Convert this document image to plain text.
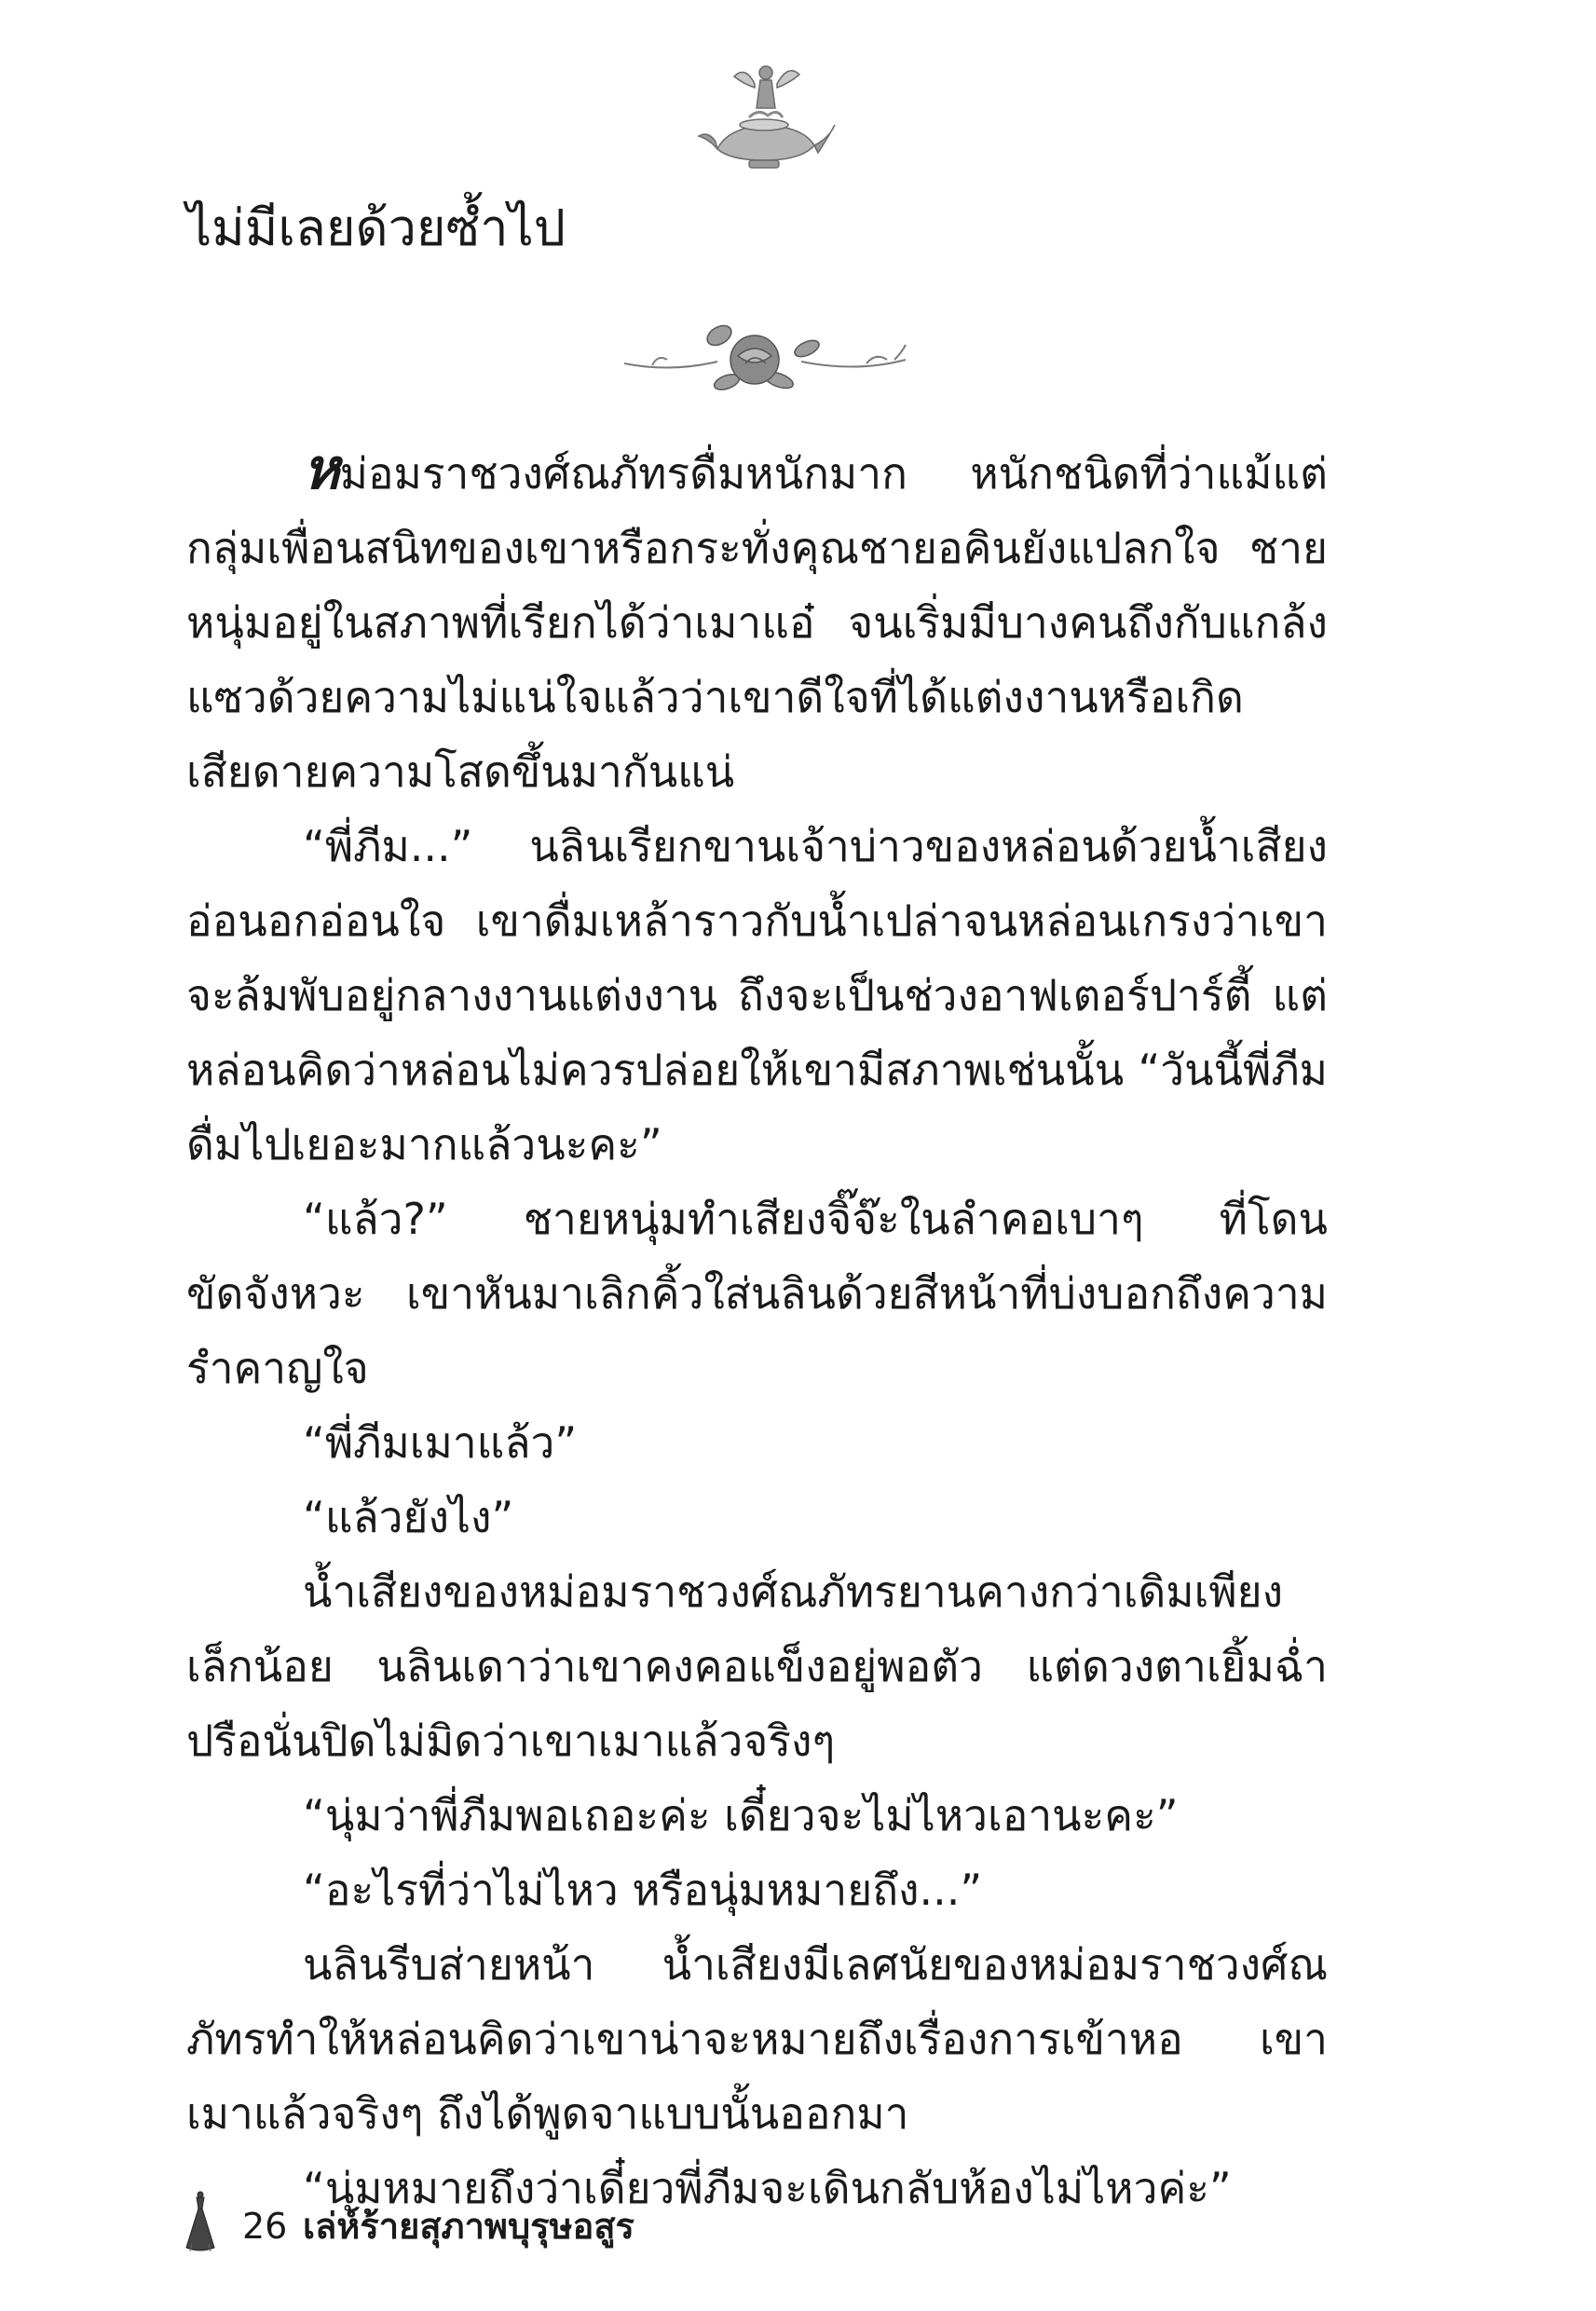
ไม่มีเลยด้วยซ้ำไป

หม่อมราชวงศ์ณภัทรดื่มหนักมาก หนักชนิดที่ว่าแม้แต่กลุ่มเพื่อนสนิทของเขาหรือกระทั่งคุณชายอคินยังแปลกใจ ชายหนุ่มอยู่ในสภาพที่เรียกได้ว่าเมาแอ๋ จนเริ่มมีบางคนถึงกับแกล้งแซวด้วยความไม่แน่ใจแล้วว่าเขาดีใจที่ได้แต่งงานหรือเกิดเสียดายความโสดขึ้นมากันแน่

“พี่ภีม...” นลินเรียกขานเจ้าบ่าวของหล่อนด้วยน้ำเสียงอ่อนอกอ่อนใจ เขาดื่มเหล้าราวกับน้ำเปล่าจนหล่อนเกรงว่าเขาจะล้มพับอยู่กลางงานแต่งงาน ถึงจะเป็นช่วงอาฟเตอร์ปาร์ตี้ แต่หล่อนคิดว่าหล่อนไม่ควรปล่อยให้เขามีสภาพเช่นนั้น “วันนี้พี่ภีมดื่มไปเยอะมากแล้วนะคะ”

“แล้ว?” ชายหนุ่มทำเสียงจิ๊จ๊ะในลำคอเบาๆ ที่โดนขัดจังหวะ เขาหันมาเลิกคิ้วใส่นลินด้วยสีหน้าที่บ่งบอกถึงความรำคาญใจ

“พี่ภีมเมาแล้ว”

“แล้วยังไง”

น้ำเสียงของหม่อมราชวงศ์ณภัทรยานคางกว่าเดิมเพียงเล็กน้อย นลินเดาว่าเขาคงคอแข็งอยู่พอตัว แต่ดวงตาเยิ้มฉ่ำปรือนั่นปิดไม่มิดว่าเขาเมาแล้วจริงๆ

“นุ่มว่าพี่ภีมพอเถอะค่ะ เดี๋ยวจะไม่ไหวเอานะคะ”

“อะไรที่ว่าไม่ไหว หรือนุ่มหมายถึง...”

นลินรีบส่ายหน้า น้ำเสียงมีเลศนัยของหม่อมราชวงศ์ณภัทรทำให้หล่อนคิดว่าเขาน่าจะหมายถึงเรื่องการเข้าหอ เขาเมาแล้วจริงๆ ถึงได้พูดจาแบบนั้นออกมา

“นุ่มหมายถึงว่าเดี๋ยวพี่ภีมจะเดินกลับห้องไม่ไหวค่ะ”

26 เล่ห์ร้ายสุภาพบุรุษอสูร
